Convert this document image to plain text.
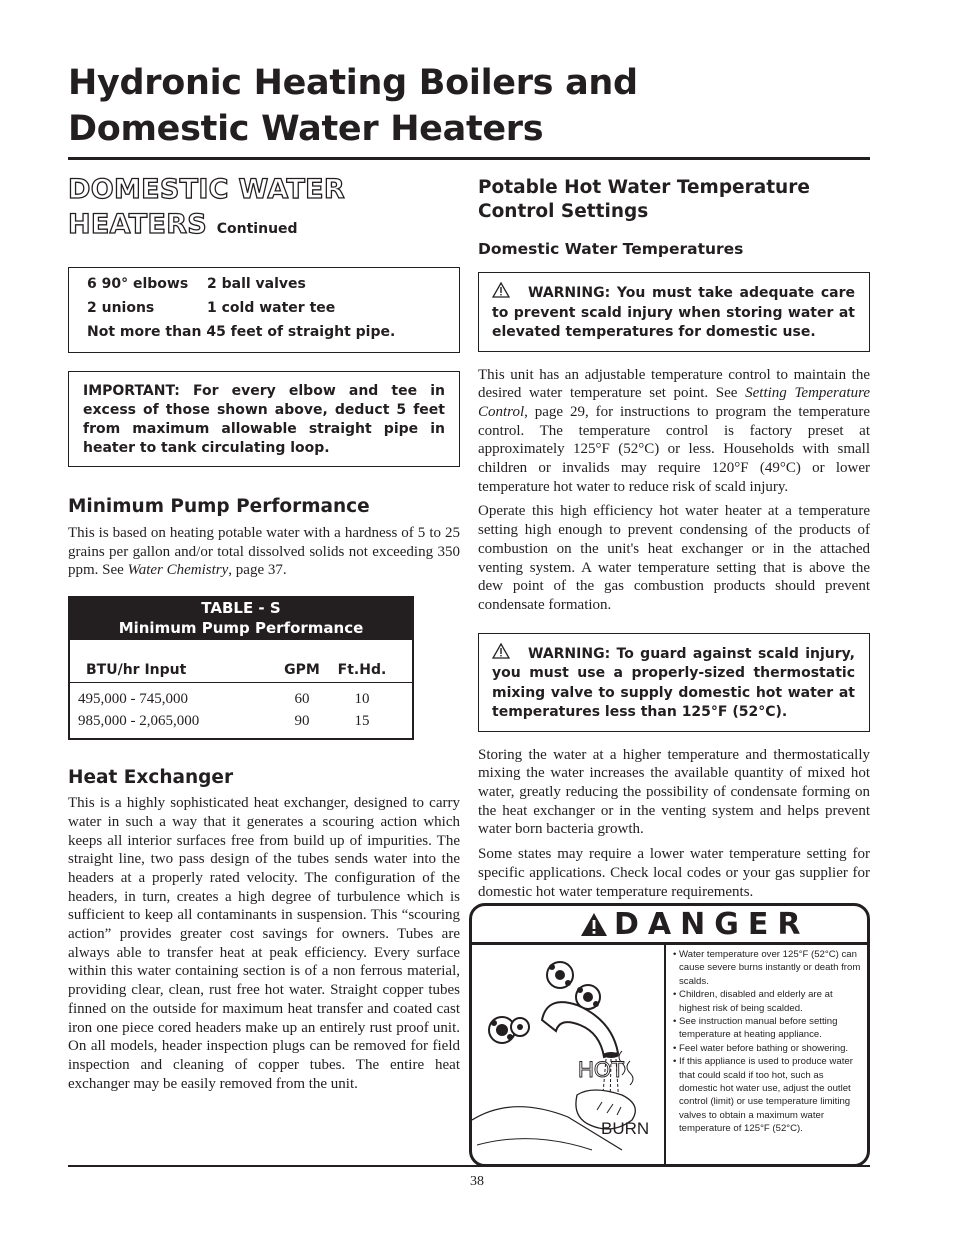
Hydronic Heating Boilers and
Domestic Water Heaters
DOMESTIC WATER
HEATERS Continued
6 90° elbows	2 ball valves
2 unions	1 cold water tee
Not more than 45 feet of straight pipe.
IMPORTANT: For every elbow and tee in excess of those shown above, deduct 5 feet from maximum allowable straight pipe in heater to tank circulating loop.
Minimum Pump Performance

This is based on heating potable water with a hardness of 5 to 25 grains per gallon and/or total dissolved solids not exceeding 350 ppm. See Water Chemistry, page 37.

TABLE - S
Minimum Pump Performance
BTU/hr Input	GPM	Ft.Hd.
495,000 - 745,000	60	10
985,000 - 2,065,000	90	15
Heat Exchanger

This is a highly sophisticated heat exchanger, designed to carry water in such a way that it generates a scouring action which keeps all interior surfaces free from build up of impurities. The straight line, two pass design of the tubes sends water into the headers at a properly rated velocity. The configuration of the headers, in turn, creates a high degree of turbulence which is sufficient to keep all contaminants in suspension. This “scouring action” provides greater cost savings for owners. Tubes are always able to transfer heat at peak efficiency. Every surface within this water containing section is of a non ferrous material, providing clear, clean, rust free hot water. Straight copper tubes finned on the outside for maximum heat transfer and coated cast iron one piece cored headers make up an entirely rust proof unit. On all models, header inspection plugs can be removed for field inspection and cleaning of copper tubes. The entire heat exchanger may be easily removed from the unit.

Potable Hot Water Temperature
Control Settings
Domestic Water Temperatures
WARNING: You must take adequate care to prevent scald injury when storing water at elevated temperatures for domestic use.

This unit has an adjustable temperature control to maintain the desired water temperature set point. See Setting Temperature Control, page 29, for instructions to program the temperature control. The temperature control is factory preset at approximately 125°F (52°C) or less. Households with small children or invalids may require 120°F (49°C) or lower temperature hot water to reduce risk of scald injury.

Operate this high efficiency hot water heater at a temperature setting high enough to prevent condensing of the products of combustion on the unit's heat exchanger or in the attached venting system. A water temperature setting that is above the dew point of the gas combustion products should prevent condensate formation.

WARNING: To guard against scald injury, you must use a properly-sized thermostatic mixing valve to supply domestic hot water at temperatures less than 125°F (52°C).

Storing the water at a higher temperature and thermostatically mixing the water increases the available quantity of mixed hot water, greatly reducing the possibility of condensate forming on the heat exchanger or in the venting system and helps prevent water born bacteria growth.

Some states may require a lower water temperature setting for specific applications. Check local codes or your gas supplier for domestic hot water temperature requirements.

DANGER
HOT
BURN
• Water temperature over 125°F (52°C) can cause severe burns instantly or death from scalds.
• Children, disabled and elderly are at highest risk of being scalded.
• See instruction manual before setting temperature at heating appliance.
• Feel water before bathing or showering.
• If this appliance is used to produce water that could scald if too hot, such as domestic hot water use, adjust the outlet control (limit) or use temperature limiting valves to obtain a maximum water temperature of 125°F (52°C).
38
